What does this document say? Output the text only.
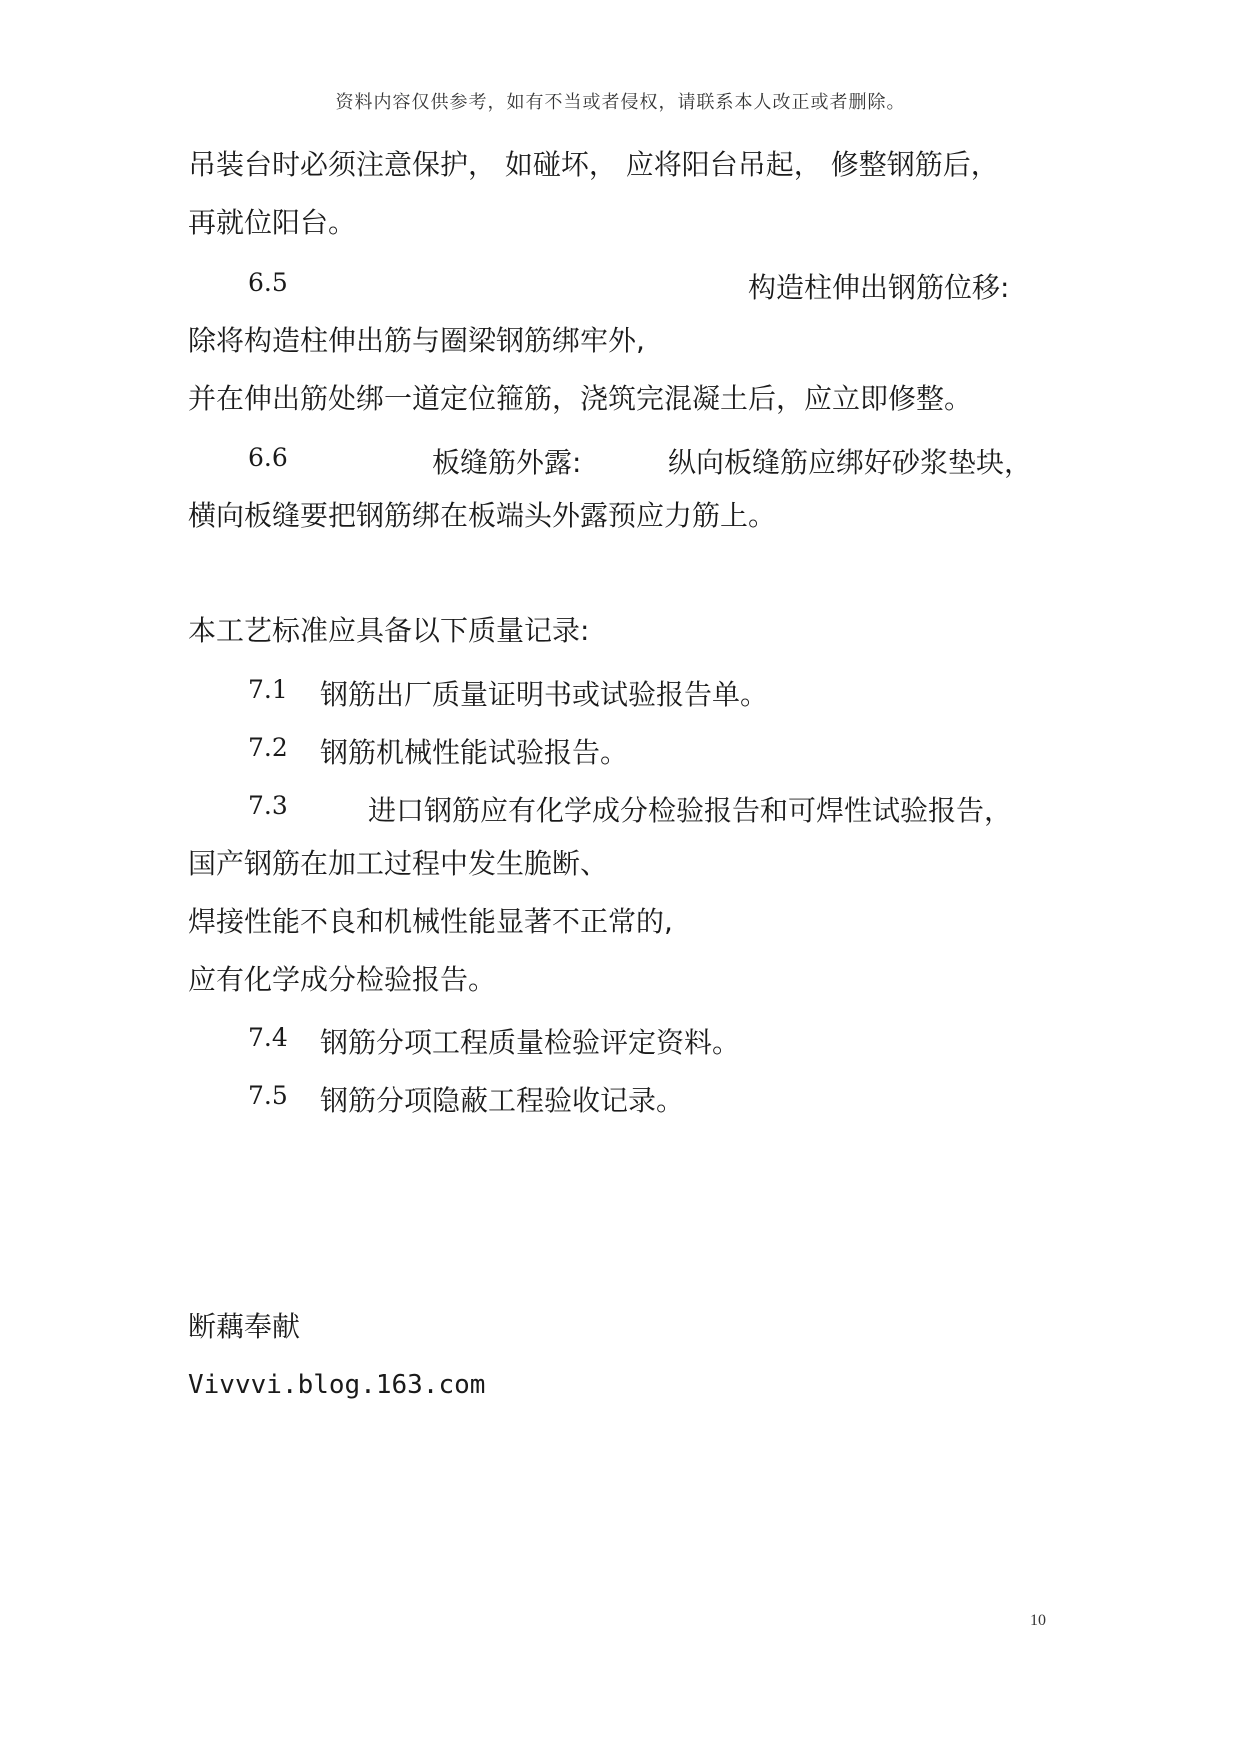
资料内容仅供参考，如有不当或者侵权，请联系本人改正或者删除。
吊装台时必须注意保护， 如碰坏， 应将阳台吊起， 修整钢筋后，
再就位阳台。
6.5	构造柱伸出钢筋位移:
除将构造柱伸出筋与圈梁钢筋绑牢外,
并在伸出筋处绑一道定位箍筋，浇筑完混凝土后，应立即修整。
6.6	板缝筋外露:	纵向板缝筋应绑好砂浆垫块，
横向板缝要把钢筋绑在板端头外露预应力筋上。
本工艺标准应具备以下质量记录:
7.1 钢筋出厂质量证明书或试验报告单。
7.2 钢筋机械性能试验报告。
7.3	进口钢筋应有化学成分检验报告和可焊性试验报告，
国产钢筋在加工过程中发生脆断、
焊接性能不良和机械性能显著不正常的,
应有化学成分检验报告。
7.4 钢筋分项工程质量检验评定资料。
7.5 钢筋分项隐蔽工程验收记录。
断藕奉献
Vivvvi.blog.163.com
10
